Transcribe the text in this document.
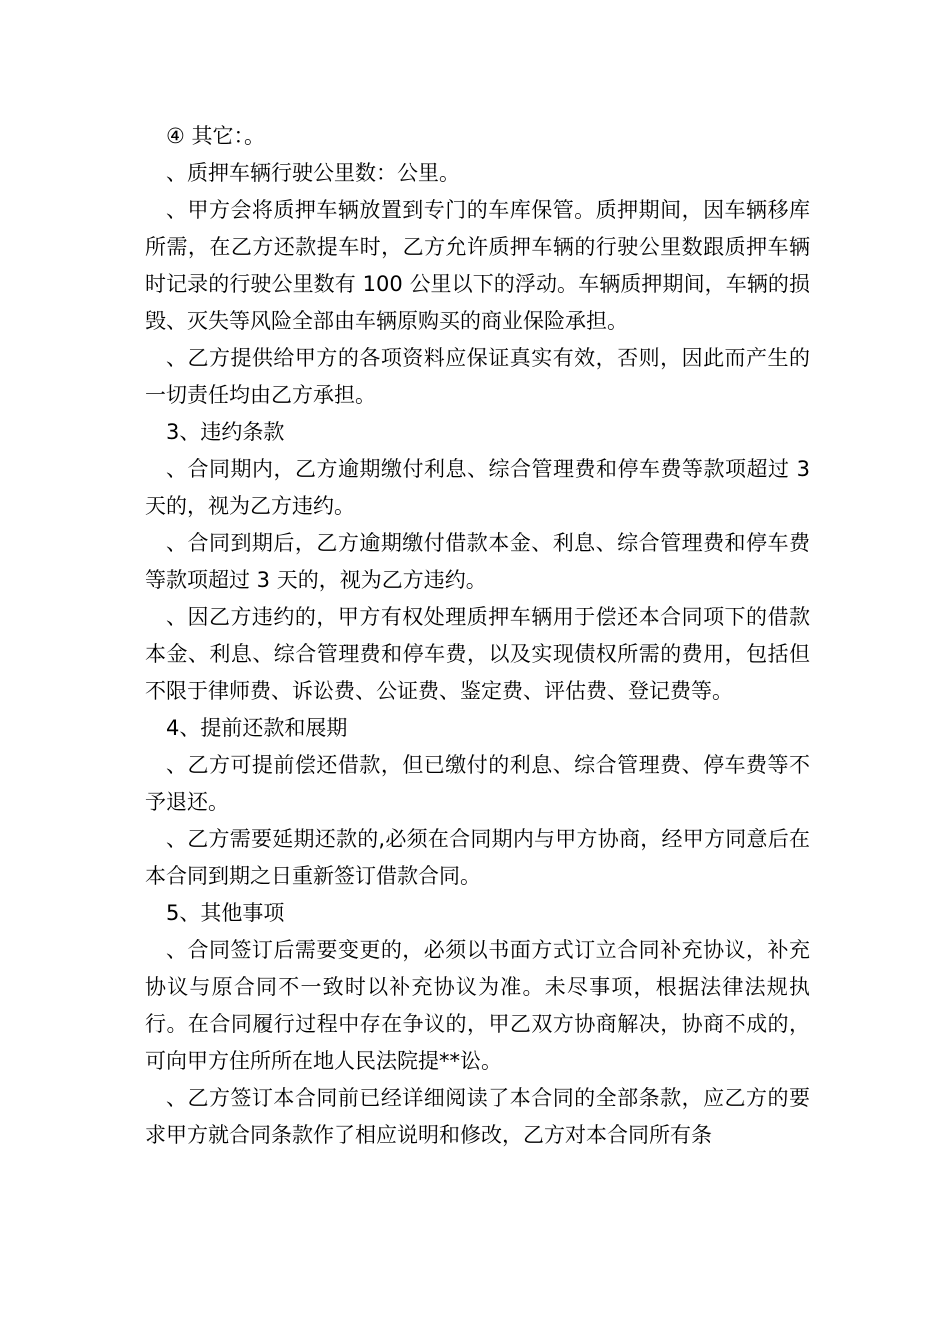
④ 其它：。

、质押车辆行驶公里数：公里。

、甲方会将质押车辆放置到专门的车库保管。质押期间，因车辆移库所需，在乙方还款提车时，乙方允许质押车辆的行驶公里数跟质押车辆时记录的行驶公里数有 100 公里以下的浮动。车辆质押期间，车辆的损毁、灭失等风险全部由车辆原购买的商业保险承担。

、乙方提供给甲方的各项资料应保证真实有效，否则，因此而产生的一切责任均由乙方承担。

3、违约条款

、合同期内，乙方逾期缴付利息、综合管理费和停车费等款项超过 3 天的，视为乙方违约。

、合同到期后，乙方逾期缴付借款本金、利息、综合管理费和停车费等款项超过 3 天的，视为乙方违约。

、因乙方违约的，甲方有权处理质押车辆用于偿还本合同项下的借款本金、利息、综合管理费和停车费，以及实现债权所需的费用，包括但不限于律师费、诉讼费、公证费、鉴定费、评估费、登记费等。

4、提前还款和展期

、乙方可提前偿还借款，但已缴付的利息、综合管理费、停车费等不予退还。

、乙方需要延期还款的,必须在合同期内与甲方协商，经甲方同意后在本合同到期之日重新签订借款合同。

5、其他事项

、合同签订后需要变更的，必须以书面方式订立合同补充协议，补充协议与原合同不一致时以补充协议为准。未尽事项，根据法律法规执行。在合同履行过程中存在争议的，甲乙双方协商解决，协商不成的，可向甲方住所所在地人民法院提**讼。

、乙方签订本合同前已经详细阅读了本合同的全部条款，应乙方的要求甲方就合同条款作了相应说明和修改，乙方对本合同所有条
